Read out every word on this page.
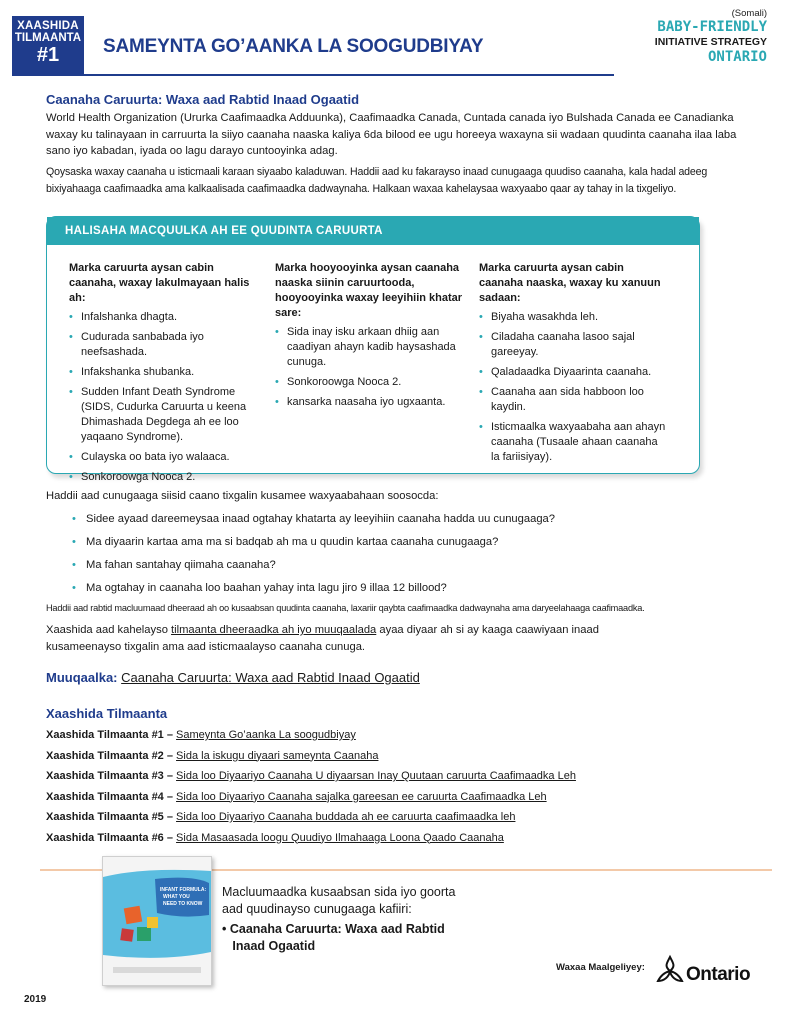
XAASHIDA
TILMAANTA
#1	SAMEYNTA GO’AANKA LA SOOGUDBIYAY
(Somali)
BABY-FRIENDLY
INITIATIVE STRATEGY
ONTARIO
Caanaha Caruurta: Waxa aad Rabtid Inaad Ogaatid

World Health Organization (Ururka Caafimaadka Adduunka), Caafimaadka Canada, Cuntada canada iyo Bulshada Canada ee Canadianka waxay ku talinayaan in carruurta la siiyo caanaha naaska kaliya 6da bilood ee ugu horeeya waxayna sii wadaan quudinta caanaha ilaa laba sano iyo kabadan, iyada oo lagu darayo cuntooyinka adag.

Qoysaska waxay caanaha u isticmaali karaan siyaabo kaladuwan. Haddii aad ku fakarayso inaad cunugaaga quudiso caanaha, kala hadal adeeg bixiyahaaga caafimaadka ama kalkaalisada caafimaadka dadwaynaha. Halkaan waxaa kahelaysaa waxyaabo qaar ay tahay in la tixgeliyo.

HALISAHA MACQUULKA AH EE QUUDINTA CARUURTA
Marka caruurta aysan cabin caanaha, waxay lakulmayaan halis ah:
• Infalshanka dhagta.
• Cudurada sanbabada iyo neefsashada.
• Infakshanka shubanka.
• Sudden Infant Death Syndrome (SIDS, Cudurka Caruurta u keena Dhimashada Degdega ah ee loo yaqaano Syndrome).
• Culayska oo bata iyo walaaca.
• Sonkoroowga Nooca 2.
Marka hooyooyinka aysan caanaha naaska siinin caruurtooda, hooyooyinka waxay leeyihiin khatar sare:
• Sida inay isku arkaan dhiig aan caadiyan ahayn kadib haysashada cunuga.
• Sonkoroowga Nooca 2.
• kansarka naasaha iyo ugxaanta.
Marka caruurta aysan cabin caanaha naaska, waxay ku xanuun sadaan:
• Biyaha wasakhda leh.
• Ciladaha caanaha lasoo sajal gareeyay.
• Qaladaadka Diyaarinta caanaha.
• Caanaha aan sida habboon loo kaydin.
• Isticmaalka waxyaabaha aan ahayn caanaha (Tusaale ahaan caanaha la fariisiyay).

Haddii aad cunugaaga siisid caano tixgalin kusamee waxyaabahaan soosocda:

• Sidee ayaad dareemeysaa inaad ogtahay khatarta ay leeyihiin caanaha hadda uu cunugaaga?
• Ma diyaarin kartaa ama ma si badqab ah ma u quudin kartaa caanaha cunugaaga?
• Ma fahan santahay qiimaha caanaha?
• Ma ogtahay in caanaha loo baahan yahay inta lagu jiro 9 illaa 12 billood?

Haddii aad rabtid macluumaad dheeraad ah oo kusaabsan quudinta caanaha, laxariir qaybta caafimaadka dadwaynaha ama daryeelahaaga caafimaadka.

Xaashida aad kahelayso tilmaanta dheeraadka ah iyo muuqaalada ayaa diyaar ah si ay kaaga caawiyaan inaad kusameenayso tixgalin ama aad isticmaalayso caanaha cunuga.

Muuqaalka: Caanaha Caruurta: Waxa aad Rabtid Inaad Ogaatid
Xaashida Tilmaanta
Xaashida Tilmaanta #1 – Sameynta Go’aanka La soogudbiyay
Xaashida Tilmaanta #2 – Sida la iskugu diyaari sameynta Caanaha
Xaashida Tilmaanta #3 – Sida loo Diyaariyo Caanaha U diyaarsan Inay Quutaan caruurta Caafimaadka Leh
Xaashida Tilmaanta #4 – Sida loo Diyaariyo Caanaha sajalka gareesan ee caruurta Caafimaadka Leh
Xaashida Tilmaanta #5 – Sida loo Diyaariyo Caanaha buddada ah ee caruurta caafimaadka leh
Xaashida Tilmaanta #6 – Sida Masaasada loogu Quudiyo Ilmahaaga Loona Qaado Caanaha
INFANT FORMULA:
WHAT YOU
NEED TO KNOW
Macluumaadka kusaabsan sida iyo goorta
aad quudinayso cunugaaga kafiiri:
• Caanaha Caruurta: Waxa aad Rabtid
Inaad Ogaatid
Waxaa Maalgeliyey: Ontario
2019
